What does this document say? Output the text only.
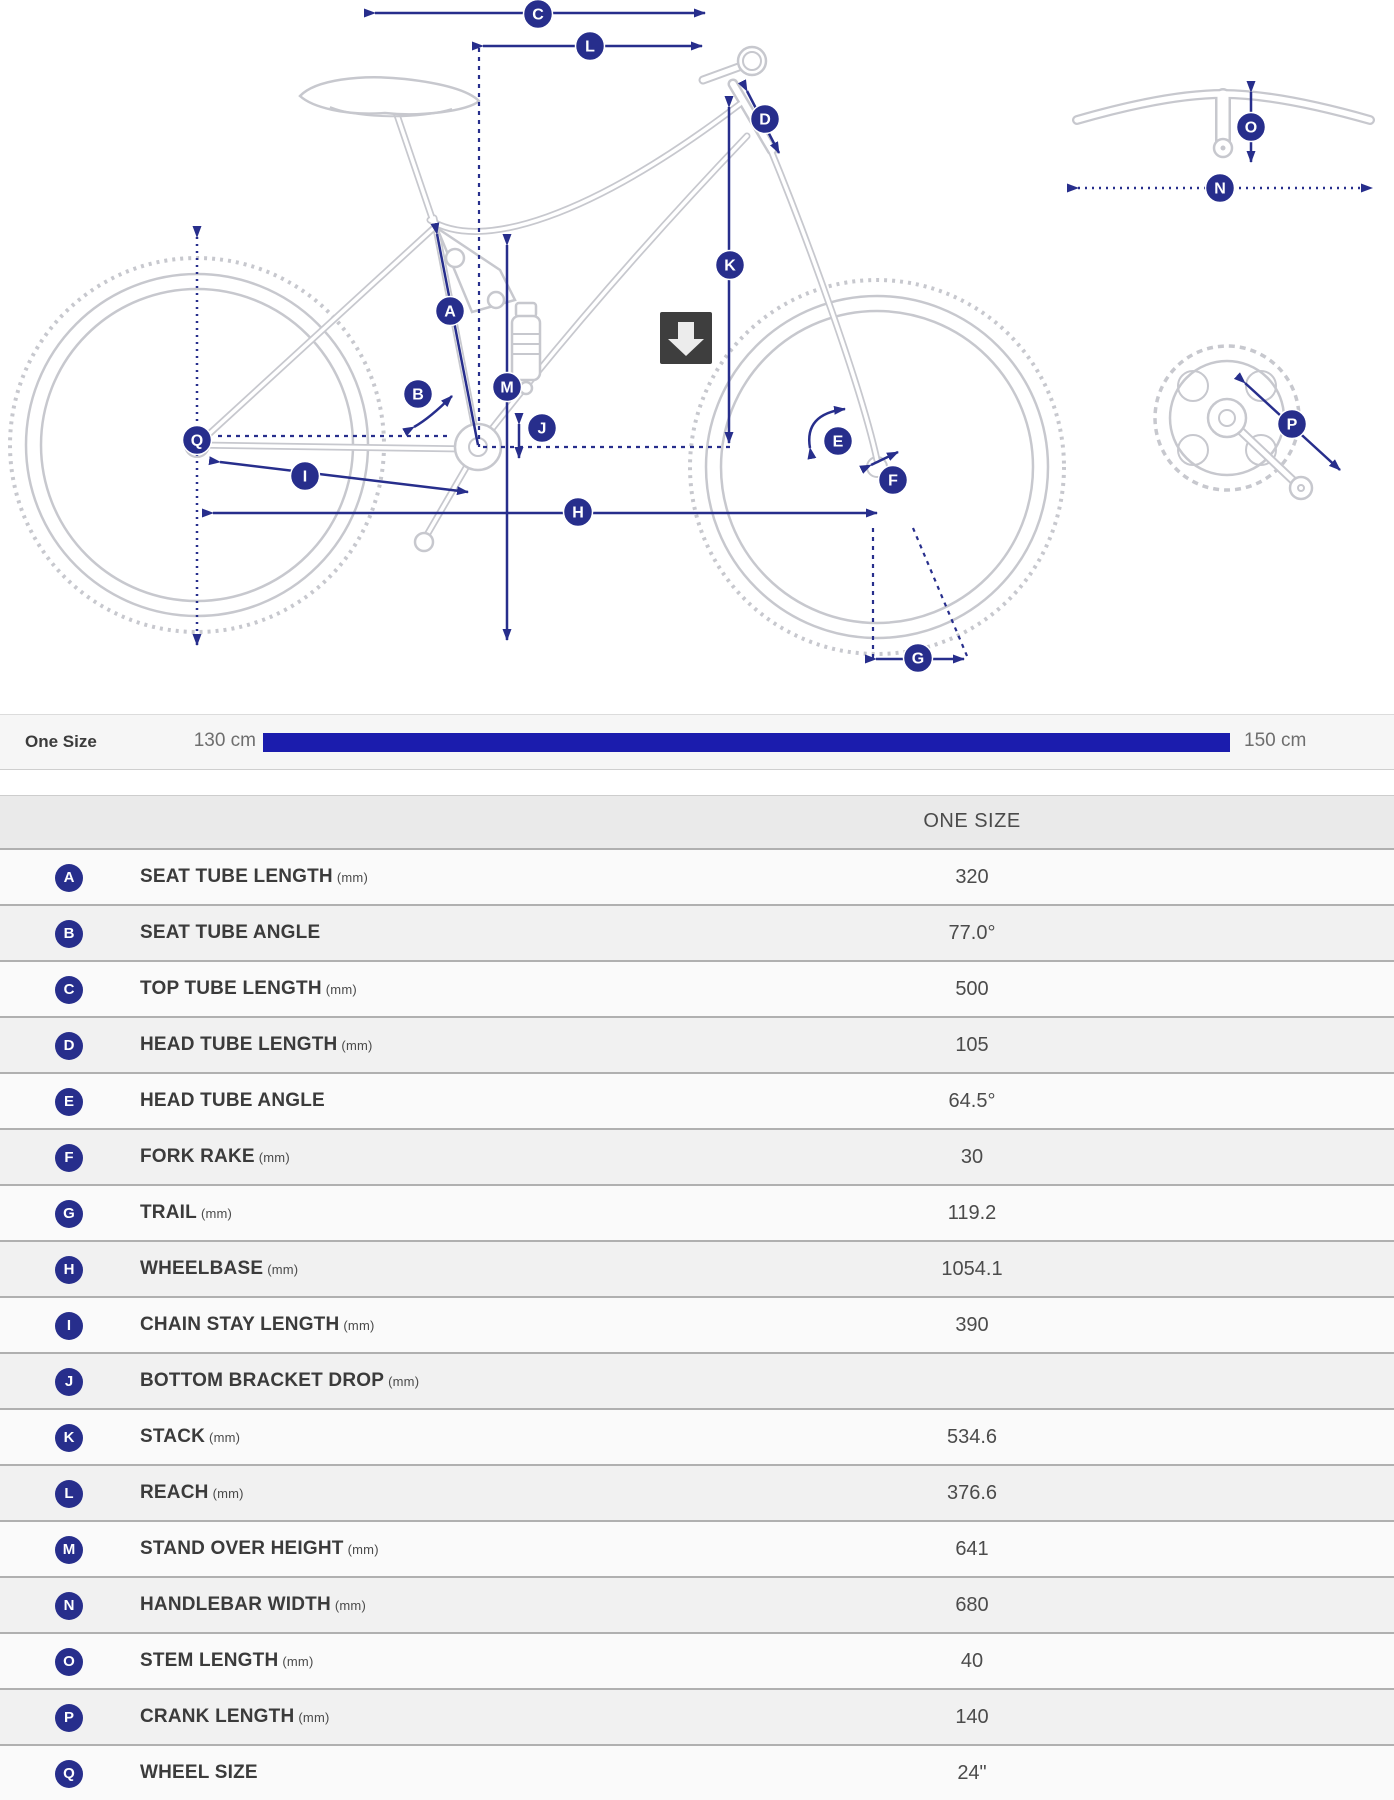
A
B
C
D
E
F
G
H
I
J
K
L
M
N
O
P
Q
One Size	130 cm	150 cm
ONE SIZE
A	SEAT TUBE LENGTH (mm)	320
B	SEAT TUBE ANGLE	77.0°
C	TOP TUBE LENGTH (mm)	500
D	HEAD TUBE LENGTH (mm)	105
E	HEAD TUBE ANGLE	64.5°
F	FORK RAKE (mm)	30
G	TRAIL (mm)	119.2
H	WHEELBASE (mm)	1054.1
I	CHAIN STAY LENGTH (mm)	390
J	BOTTOM BRACKET DROP (mm)
K	STACK (mm)	534.6
L	REACH (mm)	376.6
M	STAND OVER HEIGHT (mm)	641
N	HANDLEBAR WIDTH (mm)	680
O	STEM LENGTH (mm)	40
P	CRANK LENGTH (mm)	140
Q	WHEEL SIZE	24"
